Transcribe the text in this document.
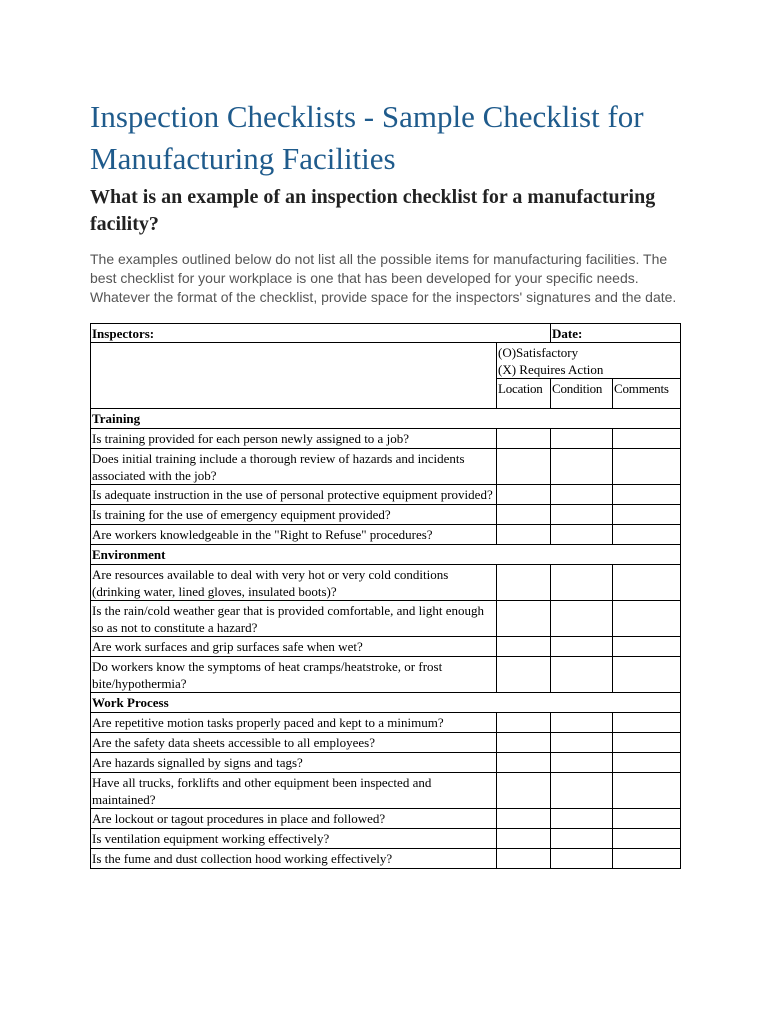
Inspection Checklists - Sample Checklist for Manufacturing Facilities
What is an example of an inspection checklist for a manufacturing facility?

The examples outlined below do not list all the possible items for manufacturing facilities. The best checklist for your workplace is one that has been developed for your specific needs. Whatever the format of the checklist, provide space for the inspectors' signatures and the date.

Inspectors:		Date:	

	(O)Satisfactory
(X) Requires Action		

	Location	Condition	Comments
Training			
Is training provided for each person newly assigned to a job?			
Does initial training include a thorough review of hazards and incidents associated with the job?			
Is adequate instruction in the use of personal protective equipment provided?			
Is training for the use of emergency equipment provided?			
Are workers knowledgeable in the "Right to Refuse" procedures?			
Environment			
Are resources available to deal with very hot or very cold conditions (drinking water, lined gloves, insulated boots)?			
Is the rain/cold weather gear that is provided comfortable, and light enough so as not to constitute a hazard?			
Are work surfaces and grip surfaces safe when wet?			
Do workers know the symptoms of heat cramps/heatstroke, or frost bite/hypothermia?			
Work Process			
Are repetitive motion tasks properly paced and kept to a minimum?			
Are the safety data sheets accessible to all employees?			
Are hazards signalled by signs and tags?			
Have all trucks, forklifts and other equipment been inspected and maintained?			
Are lockout or tagout procedures in place and followed?			
Is ventilation equipment working effectively?			
Is the fume and dust collection hood working effectively?			
